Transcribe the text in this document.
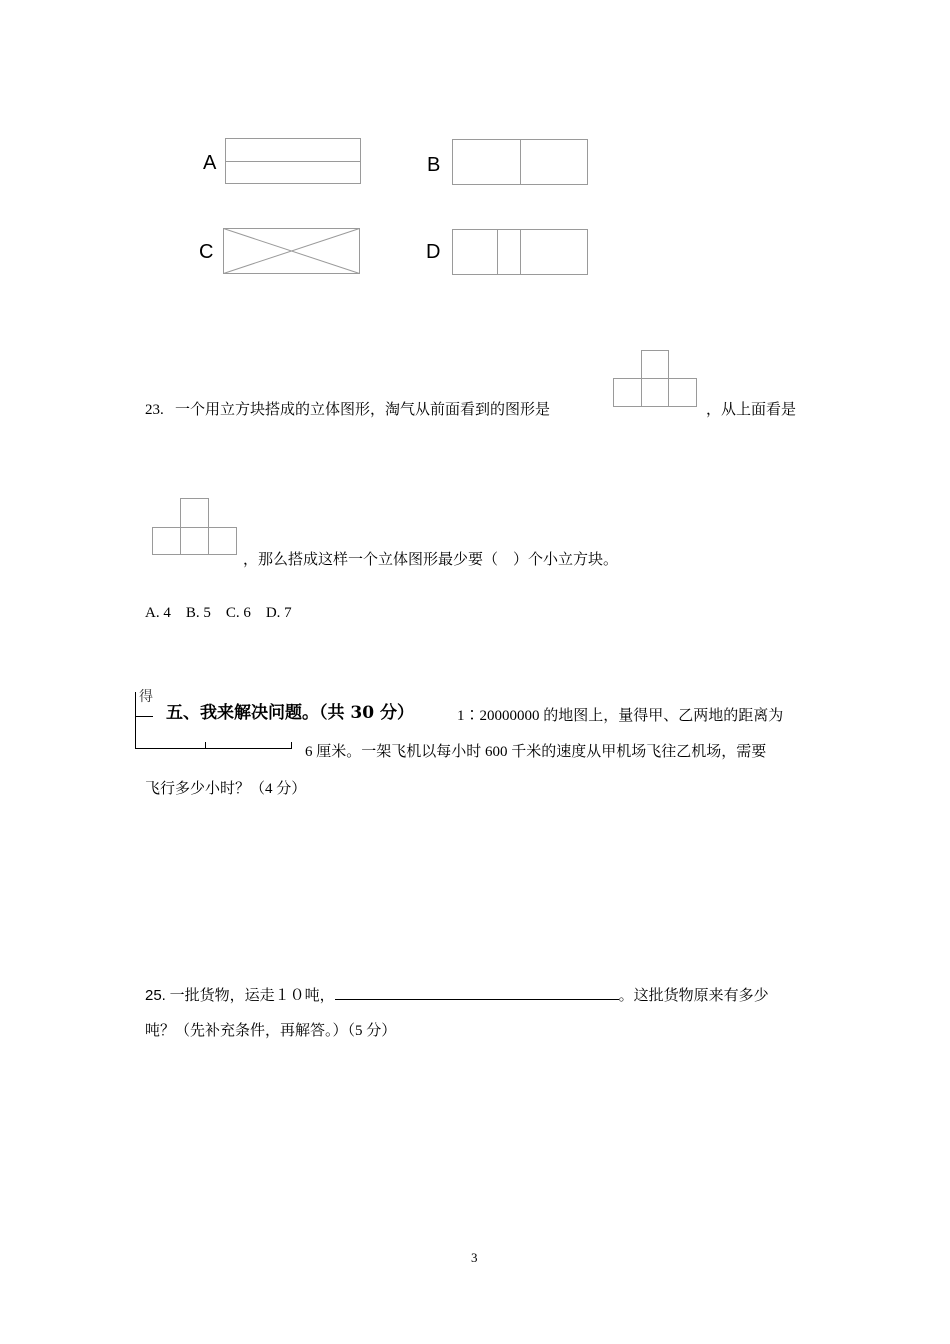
A	B
C	D
23. 一个用立方块搭成的立体图形，淘气从前面看到的图形是	，从上面看是
，那么搭成这样一个立体图形最少要（　）个小立方块。
A. 4　B. 5　C. 6　D. 7
得
五、我来解决问题。（共 30 分）	1∶20000000 的地图上，量得甲、乙两地的距离为
6 厘米。一架飞机以每小时 600 千米的速度从甲机场飞往乙机场，需要
飞行多少小时？（4 分）
25. 一批货物，运走１０吨，	。这批货物原来有多少
吨？（先补充条件，再解答。）（5 分）
3
